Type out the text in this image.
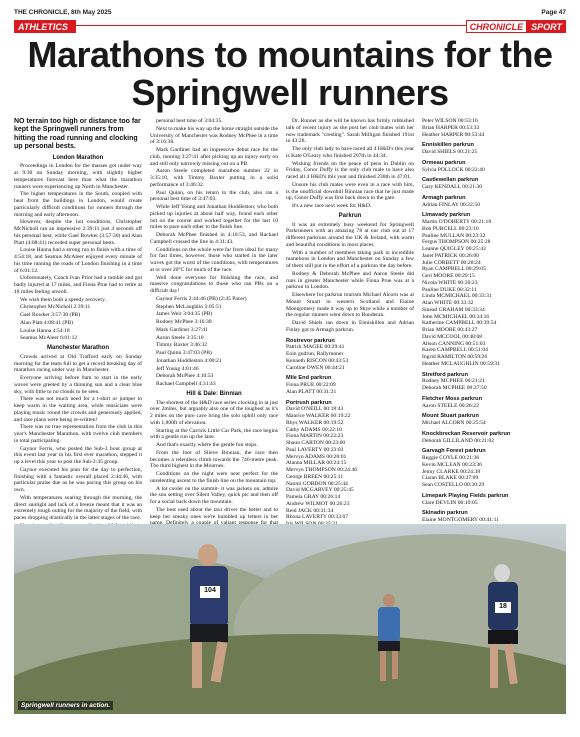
THE CHRONICLE, 8th May 2025	Page 47
ATHLETICS	CHRONICLE SPORT
Marathons to mountains for the Springwell runners

NO terrain too high or distance too far kept the Springwell runners from hitting the road running and clocking up personal bests.

London Marathon

Proceedings in London for the masses got under way at 9:30 on Sunday morning, with slightly higher temperatures forecast here than what the marathon runners were experiencing up North in Manchester.

The higher temperatures in the South, coupled with heat from the buildings in London, would create particularly difficult conditions for runners through the morning and early afternoon.

However, despite the hot conditions, Christopher McNicholl ran an impressive 2:39:11 just 4 seconds off his personal best, while Gael Bowker (3:57:30) and Alan Platt (4:08:41) recorded super personal bests.

Louise Hanna had a strong run to finish with a time of 4:54:18, and Seamus McAleer enjoyed every minute of his time running the roads of London finishing in a time of 6:01:12.

Unfortunately, Coach Ivan Prior had a tumble and got badly injured at 17 miles, and Fiona Prue had to retire at 18 miles feeling unwell.

We wish them both a speedy recovery.

Christopher McNicholl 2:39:11

Gael Bowker 3:57:30 (PB)

Alan Platt 4:08:41 (PB)

Louise Hanna 4:54:18

Seamus McAleer 6:01:12

Manchester Marathon

Crowds arrived at Old Trafford early on Sunday morning for the team full to get a record breaking day of marathon racing under way in Manchester.

Everyone arriving before 8am to start in the early waves were greeted by a thinning sun and a clear blue sky, with little to no clouds to be seen.

There was not much need for a t-shirt or jumper to keep warm in the waiting area, while musicians were playing music round the crowds and generously applied, and race plans were being re-written!

There was no true representation from the club in this year's Manchester Marathon, with twelve club members in total participating.

Gaynor Ferris, who posted the Sub-3 hour group at this event last year in his first ever marathon, stepped it up a level this year to post the Sub-2:45 group.

Gaynor executed his plan for the day to perfection, finishing with a fantastic overall placed 2:44:46, with particular praise due as he was pacing this group on his own.

With temperatures soaring through the morning, the direct sunlight and lack of a breeze meant that it was an extremely tough outing for the majority of the field, with paces dropping drastically in the latter stages of the race.

personal best time of 3:04:35.

Next to make his way up the home straight outside the University of Manchester was Rodney McPhee in a time of 3:16:38.

Mark Gardiner had an impressive debut race for the club, running 3:27:41 after picking up an injury early on and still only narrowly missing out on a PB.

Aaron Steele completed marathon number 22 in 3:35:10, with Timmy Baxter putting in a solid performance of 3:46:32.

Paul Quinn, on his return to the club, also ran a personal best time of 3:47:03.

While Jeff Young and Jonathan Huddleston, who both picked up injuries at about half way, found each other out on the course and worked together for the last 10 miles to pace each other to the finish line.

Deborah McPhee finished in 4:10:53, and Rachael Campbell crossed the line in 4:31:43.

Conditions on the whole were far from ideal for many for fast times, however, those who started in the later waves got the worst of the conditions, with temperatures at or over 20°C for much of the race.

Well done everyone for finishing the race, and massive congratulations to those who ran PBs on a difficult day!

Gaynor Ferris 2:44:46 (PB) (2:45 Pacer)

Stephen McLaughlin 3:05:51

James Weir 3:04:35 (PB)

Rodney McPhee 3:16:38

Mark Gardiner 3:27:41

Aaron Steele 3:35:10

Timmy Baxter 3:46:32

Paul Quinn 3:47:03 (PB)

Jonathan Huddleston 4:00:21

Jeff Young 4:01:46

Deborah McPhee 4:10:53

Rachael Campbell 4:31:43

Hill & Dale: Binnian

The shortest of the H&D race series clocking in at just over 2miles, but arguably also one of the toughest as it's 2 miles on the pure cave bring the solo uphill only race with 1,800ft of elevation.

Starting at the Carrick Little Car Park, the race begins with a gentle run up the lane.

And that's exactly where the gentle fun stops.

From the foot of Slieve Binnian, the race then becomes a relentless climb towards the 746-metre peak. The third highest in the Mournes.

Conditions on the night were near perfect for the unrelenting ascent to the finish line on the mountain top.

A lot cooler on the summit- it was jackets on, admire the sun setting over Silent Valley, quick pic and then off for a social back down the mountain.

The best used about the taxi driver the better and to keep her sneaky ones we're humbled up letters in her

Dr. Runner as she will be known has firmly rubbished talk of recent injury as she post her club mates with her now trademark "cresting". Sarah Milligan finished 191st in 43:28.

The only club lady to have raced all 4 H&D's this year is Kate O'Leary who finished 207th in 44:34.

Wishing friends on the peace of pens in Dublin on Friday, Conor Duffy is the only club male to have also raced all 4 H&D's this year and finished 238th in 47:01.

Unsure his club mates were even in a race with him, is the unofficial downhill Binnian race that he just made up, Conor Duffy was first back down to the gate.

It's a new race next week for H&D.

Parkrun

It was an extremely busy weekend for Springwell Parkrunners with an amazing 78 at our club out at 17 different parkruns around the UK & Ireland, with warm and beautiful conditions in most places.

With a number of members taking park in incredible marathons in London and Manchester on Sunday a few of them still put in the effort of a parkrun the day before.

Rodney & Deborah McPhee and Aaron Steele did runs in greater Manchester while Fiona Prue was at a parkrun in London.

Elsewhere for parkrun tourism Michael Alcorn was at Mount Stuart in western Scotland and Elaine Montgomery made it way up to Skye while a number of the regular runners went down to Bunderan.

David Shiels ran down in Enniskillen and Adrian Finlay got to Armagh parkrun.

Rostrevor parkrun
Patrick MAGEE 00:29:41
Eoin gudrun, Rallyrunner
Kenneth RISCON 00:43:53
Caroline OWEN 00:44:21
Mile End parkrun
Fiona PRUE 00:22:09
Alan PLATT 00:31:21
Portrush parkrun
David O'NEILL 00:18:43
Maurice WALKER 00:19:22
Rhys WALKER 00:19:52
Cathy ADAMS 00:22:10
Fiona MARTIN 00:22:23
Shaun CARTON 00:23:00
Paul LAVERTY 00:23:03
Mervyn ADAMS 00:28:01
Alanna MILLAR 00:24:15
Mervyn THOMPSON 00:24:46
George BREEN 00:25:11
Naomi GORDON 00:25:44
David MCGARVEY 00:25:45
Pamela GRAY 00:26:14
Andrew WILMOT 00:26:23
Reid JACK 00:31:34
Rhona LAVERTY 00:33:07
Peter WILSON 00:53:16
Brian HARPER 00:53:33
Heather HARPER 00:53:44
Enniskillen parkrun
David SHIELS 00:21:25
Ormeau parkrun
Sylvia POLLOCK 00:22:40
Castlewellan parkrun
Gary KENDALL 00:21:30
Armagh parkrun
Adrian FINLAY 00:22:50
Limavady parkrun
Martin O'DOHERTY 00:21:18
Bob PURCELL 00:23:10
Pauline MULLAN 00:23:32
Fergus THOMPSON 00:25:28
Leanne QUIGLEY 00:25:43
Janet PATRICK 00:26:00
Julie CORBETT 00:28:24
Ryan CAMPBELL 00:29:05
Geri MOORE 00:29:15
Nicola WHITE 00:30:23
Pauline DUKE 00:32:11
Linda MCMICHAEL 00:33:31
Alan WHITE 00:33:32
Sinead GRAHAM 00:33:34
John MCMICHAEL 00:34:16
Katherine CAMPBELL 00:39:54
Brian MOORE 00:43:27
David MCCOOL 00:48:08
Alison CANNING 00:51:03
Karen CAMPBELL 00:51:04
Ingrid RAMILTON 00:59:26
Heather MCLAUGHLIN 00:59:31
Stretford parkrun
Rodney MCPHEE 00:21:21
Deborah MCPHEE 00:27:50
Fletcher Moss parkrun
Aaron STEELE 00:26:22
Mount Stuart parkrun
Michael ALCORN 00:25:54
Knockbreckan Reservoir parkrun
Deborah GILLILAND 00:21:02
Garvagh Forest parkrun
Reggie COYLE 00:21:36
Kevin MCLEAN 00:23:36
Jenny CLARKE 00:24:38
Ciaran BLAKE 00:27:09
Sean COSTELLO 00:30:29
Limepark Playing Fields parkrun
Clare DEVLIN 00:19:05
Skinadin parkrun
Elaine MONTGOMERY 00:41:11
104
18
Springwell runners in action.
